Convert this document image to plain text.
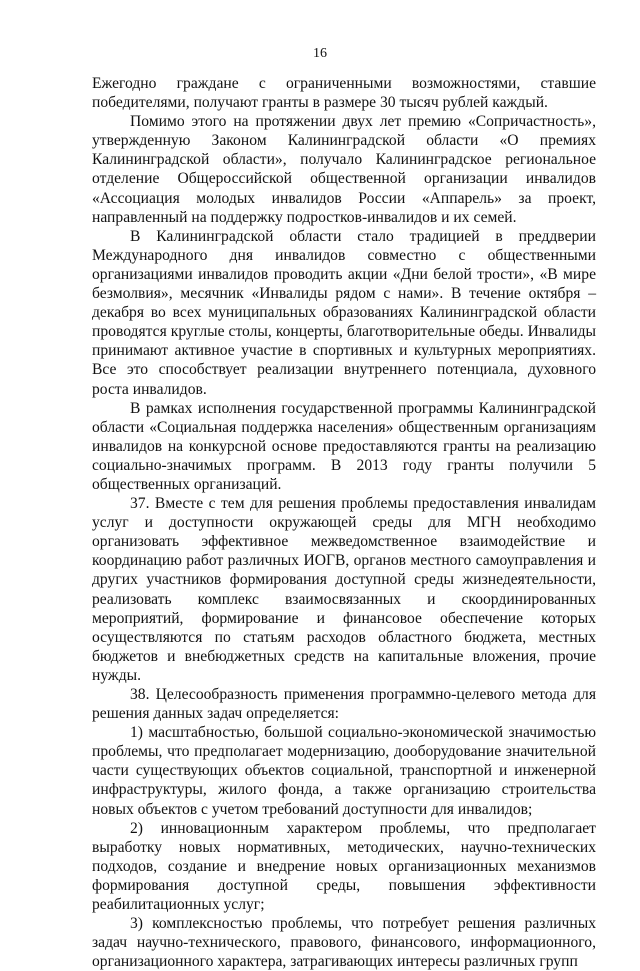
16

Ежегодно граждане с ограниченными возможностями, ставшие победителями, получают гранты в размере 30 тысяч рублей каждый.

Помимо этого на протяжении двух лет премию «Сопричастность», утвержденную Законом Калининградской области «О премиях Калининградской области», получало Калининградское региональное отделение Общероссийской общественной организации инвалидов «Ассоциация молодых инвалидов России «Аппарель» за проект, направленный на поддержку подростков-инвалидов и их семей.

В Калининградской области стало традицией в преддверии Международного дня инвалидов совместно с общественными организациями инвалидов проводить акции «Дни белой трости», «В мире безмолвия», месячник «Инвалиды рядом с нами». В течение октября – декабря во всех муниципальных образованиях Калининградской области проводятся круглые столы, концерты, благотворительные обеды. Инвалиды принимают активное участие в спортивных и культурных мероприятиях. Все это способствует реализации внутреннего потенциала, духовного роста инвалидов.

В рамках исполнения государственной программы Калининградской области «Социальная поддержка населения» общественным организациям инвалидов на конкурсной основе предоставляются гранты на реализацию социально-значимых программ. В 2013 году гранты получили 5 общественных организаций.

37. Вместе с тем для решения проблемы предоставления инвалидам услуг и доступности окружающей среды для МГН необходимо организовать эффективное межведомственное взаимодействие и координацию работ различных ИОГВ, органов местного самоуправления и других участников формирования доступной среды жизнедеятельности, реализовать комплекс взаимосвязанных и скоординированных мероприятий, формирование и финансовое обеспечение которых осуществляются по статьям расходов областного бюджета, местных бюджетов и внебюджетных средств на капитальные вложения, прочие нужды.

38. Целесообразность применения программно-целевого метода для решения данных задач определяется:

1) масштабностью, большой социально-экономической значимостью проблемы, что предполагает модернизацию, дооборудование значительной части существующих объектов социальной, транспортной и инженерной инфраструктуры, жилого фонда, а также организацию строительства новых объектов с учетом требований доступности для инвалидов;

2) инновационным характером проблемы, что предполагает выработку новых нормативных, методических, научно-технических подходов, создание и внедрение новых организационных механизмов формирования доступной среды, повышения эффективности реабилитационных услуг;

3) комплексностью проблемы, что потребует решения различных задач научно-технического, правового, финансового, информационного, организационного характера, затрагивающих интересы различных групп
